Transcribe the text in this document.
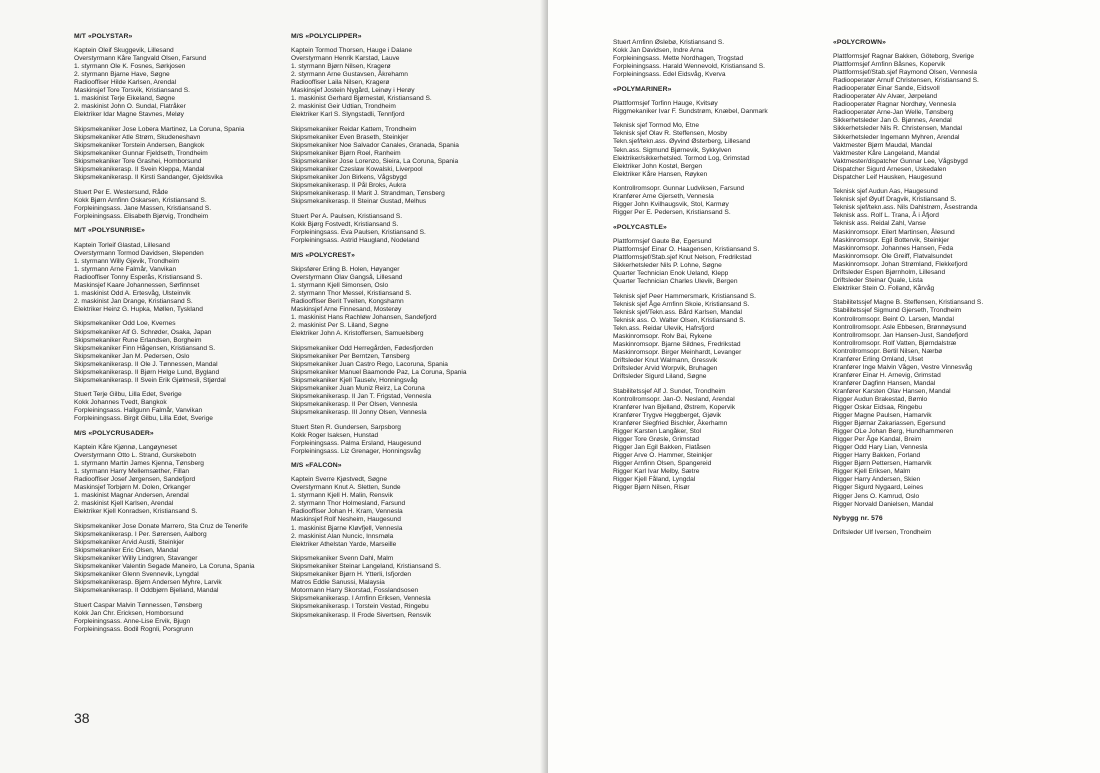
M/T «POLYSTAR»
Kaptein Oleif Skuggevik, Lillesand
Overstyrmann Kåre Tangvald Olsen, Farsund
1. styrmann Ole K. Fosnes, Sørkjosen
2. styrmann Bjarne Have, Søgne
Radiooffiser Hilde Karlsen, Arendal
Maskinsjef Tore Torsvik, Kristiansand S.
1. maskinist Terje Eikeland, Søgne
2. maskinist John O. Sundal, Flatråker
Elektriker Idar Magne Stavnes, Meløy
Skipsmekaniker Jose Lobera Martinez, La Coruna, Spania
Skipsmekaniker Atle Strøm, Skudeneshavn
Skipsmekaniker Torstein Andersen, Bangkok
Skipsmekaniker Gunnar Fjeldseth, Trondheim
Skipsmekaniker Tore Grashei, Homborsund
Skipsmekanikerasp. II Svein Kleppa, Mandal
Skipsmekanikerasp. II Kirsti Sandanger, Gjeldsvika
Stuert Per E. Westersund, Råde
Kokk Bjørn Arnfinn Oskarsen, Kristiansand S.
Forpleiningsass. Jane Massen, Kristiansand S.
Forpleiningsass. Elisabeth Bjørvig, Trondheim
M/T «POLYSUNRISE»
Kaptein Torleif Glastad, Lillesand
Overstyrmann Tormod Davidsen, Slependen
1. styrmann Willy Gjevik, Trondheim
1. styrmann Arne Falmår, Vanvikan
Radiooffiser Tonny Esperås, Kristiansand S.
Maskinsjef Kaare Johannessen, Sørfinnset
1. maskinist Odd A. Ertesvåg, Ulsteinvik
2. maskinist Jan Drange, Kristiansand S.
Elektriker Heinz G. Hupka, Møllen, Tyskland
Skipsmekaniker Odd Loe, Kvernes
Skipsmekaniker Alf G. Schrøder, Osaka, Japan
Skipsmekaniker Rune Erlandsen, Borgheim
Skipsmekaniker Finn Hågensen, Kristiansand S.
Skipsmekaniker Jan M. Pedersen, Oslo
Skipsmekanikerasp. II Ole J. Tønnessen, Mandal
Skipsmekanikerasp. II Bjørn Helge Lund, Bygland
Skipsmekanikerasp. II Svein Erik Gjølmesli, Stjørdal
Stuert Terje Gilbu, Lilla Edet, Sverige
Kokk Johannes Tvedt, Bangkok
Forpleiningsass. Hallgunn Falmår, Vanvikan
Forpleiningsass. Birgit Gilbu, Lilla Edet, Sverige
M/S «POLYCRUSADER»
Kaptein Kåre Kjønnø, Langøyneset
Overstyrmann Otto L. Strand, Gurskebotn
1. styrmann Martin James Kjenna, Tønsberg
1. styrmann Harry Mellemsæther, Fillan
Radiooffiser Josef Jørgensen, Sandefjord
Maskinsjef Torbjørn M. Dolen, Orkanger
1. maskinist Magnar Andersen, Arendal
2. maskinist Kjell Karlsen, Arendal
Elektriker Kjell Konradsen, Kristiansand S.
Skipsmekaniker Jose Donate Marrero, Sta Cruz de Tenerife
Skipsmekanikerasp. I Per. Sørensen, Aalborg
Skipsmekaniker Arvid Austli, Steinkjer
Skipsmekaniker Eric Olsen, Mandal
Skipsmekaniker Willy Lindgren, Stavanger
Skipsmekaniker Valentin Segade Maneiro, La Coruna, Spania
Skipsmekaniker Glenn Svennevik, Lyngdal
Skipsmekanikerasp. Bjørn Andersen Myhre, Larvik
Skipsmekanikerasp. II Oddbjørn Bjelland, Mandal
Stuert Caspar Malvin Tønnessen, Tønsberg
Kokk Jan Chr. Ericksen, Homborsund
Forpleiningsass. Anne-Lise Ervik, Bjugn
Forpleiningsass. Bodil Rognli, Porsgrunn
M/S «POLYCLIPPER»
Kaptein Tormod Thorsen, Hauge i Dalane
Overstyrmann Henrik Karstad, Lauve
1. styrmann Bjørn Nilsen, Kragerø
2. styrmann Arne Gustavsen, Åkrehamn
Radiooffiser Laila Nilsen, Kragerø
Maskinsjef Jostein Nygård, Leinøy i Herøy
1. maskinist Gerhard Bjørnestøl, Kristiansand S.
2. maskinist Geir Udtian, Trondheim
Elektriker Karl S. Slyngstadli, Tennfjord
Skipsmekaniker Reidar Kattem, Trondheim
Skipsmekaniker Even Braseth, Steinkjer
Skipsmekaniker Noe Salvador Canales, Granada, Spania
Skipsmekaniker Bjørn Roel, Ranheim
Skipsmekaniker Jose Lorenzo, Sieira, La Coruna, Spania
Skipsmekaniker Czeslaw Kowalski, Liverpool
Skipsmekaniker Jon Birkens, Vågsbygd
Skipsmekanikerasp. II Pål Broks, Aukra
Skipsmekanikerasp. II Marit J. Strandman, Tønsberg
Skipsmekanikerasp. II Steinar Gustad, Melhus
Stuert Per A. Paulsen, Kristiansand S.
Kokk Bjørg Fostvedt, Kristiansand S.
Forpleiningsass. Eva Paulsen, Kristiansand S.
Forpleiningsass. Astrid Haugland, Nodeland
M/S «POLYCREST»
Skipsfører Erling B. Holen, Høyanger
Overstyrmann Olav Gangså, Lillesand
1. styrmann Kjell Simonsen, Oslo
2. styrmann Thor Messel, Kristiansand S.
Radiooffiser Berit Tveiten, Kongshamn
Maskinsjef Arne Finnesand, Mosterøy
1. maskinist Hans Rachløw Johansen, Sandefjord
2. maskinist Per S. Liland, Søgne
Elektriker John A. Kristoffersen, Samuelsberg
Skipsmekaniker Odd Herregården, Fødesfjorden
Skipsmekaniker Per Berntzen, Tønsberg
Skipsmekaniker Juan Castro Rego, Lacoruna, Spania
Skipsmekaniker Manuel Baamonde Paz, La Coruna, Spania
Skipsmekaniker Kjell Tauselv, Honningsvåg
Skipsmekaniker Juan Muniz Reirz, La Coruna
Skipsmekanikerasp. II Jan T. Frigstad, Vennesla
Skipsmekanikerasp. II Per Olsen, Vennesla
Skipsmekanikerasp. III Jonny Olsen, Vennesla
Stuert Sten R. Gundersen, Sarpsborg
Kokk Roger Isaksen, Hunstad
Forpleiningsass. Palma Ersland, Haugesund
Forpleiningsass. Liz Grenager, Honningsvåg
M/S «FALCON»
Kaptein Sverre Kjøstvedt, Søgne
Overstyrmann Knut A. Sletten, Sunde
1. styrmann Kjell H. Malin, Rensvik
2. styrmann Thor Holmesland, Farsund
Radiooffiser Johan H. Kram, Vennesla
Maskinsjef Rolf Nesheim, Haugesund
1. maskinist Bjarne Kløvfjell, Vennesla
2. maskinist Alan Nuncic, Innsmøla
Elektriker Athelstan Yarde, Marseille
Skipsmekaniker Svenn Dahl, Malm
Skipsmekaniker Steinar Langeland, Kristiansand S.
Skipsmekaniker Bjørn H. Ytterli, Isfjorden
Matros Eddie Sanussi, Malaysia
Motormann Harry Skorstad, Fosslandsosen
Skipsmekanikerasp. I Arnfinn Eriksen, Vennesla
Skipsmekanikerasp. I Torstein Vestad, Ringebu
Skipsmekanikerasp. II Frode Sivertsen, Rensvik
38
Stuert Arnfinn Øslebø, Kristiansand S.
Kokk Jan Davidsen, Indre Arna
Forpleiningsass. Mette Nordhagen, Trogstad
Forpleiningsass. Harald Wennevold, Kristiansand S.
Forpleiningsass. Edel Eidsvåg, Kverva
«POLYMARINER»
Plattformsjef Torfinn Hauge, Kvitsøy
Riggmekaniker Ivar F. Sundstrøm, Knæbel, Danmark
Teknisk sjef Tormod Mo, Etne
Teknisk sjef Olav R. Steffensen, Mosby
Tekn.sjef/tekn.ass. Øyvind Østerberg, Lillesand
Tekn.ass. Sigmund Bjørnevik, Sykkylven
Elektriker/sikkerhetsled. Tormod Log, Grimstad
Elektriker John Kostøl, Bergen
Elektriker Kåre Hansen, Røyken
Kontrollromsopr. Gunnar Ludviksen, Farsund
Kranfører Arne Gjerseth, Vennesla
Rigger John Kvilhaugsvik, Stol, Karmøy
Rigger Per E. Pedersen, Kristiansand S.
«POLYCASTLE»
Plattformsjef Gaute Bø, Egersund
Plattformsjef Einar O. Haagensen, Kristiansand S.
Plattformsjef/Stab.sjef Knut Nelson, Fredrikstad
Sikkerhetsleder Nils P. Lohne, Søgne
Quarter Technician Enok Ueland, Klepp
Quarter Technician Charles Ulevik, Bergen
Teknisk sjef Peer Hammersmark, Kristiansand S.
Teknisk sjef Åge Arnfinn Skoie, Kristiansand S.
Teknisk sjef/Tekn.ass. Bård Karlsen, Mandal
Teknisk ass. O. Walter Olsen, Kristiansand S.
Tekn.ass. Reidar Ulevik, Hafrsfjord
Maskinromsopr. Rolv Bai, Rykene
Maskinromsopr. Bjarne Sildnes, Fredrikstad
Maskinromsopr. Birger Meinhardt, Levanger
Driftsleder Knut Walmann, Gressvik
Driftsleder Arvid Worpvik, Bruhagen
Driftsleder Sigurd Liland, Søgne
Stabilitetssjef Alf J. Sundet, Trondheim
Kontrollromsopr. Jan-O. Nesland, Arendal
Kranfører Ivan Bjelland, Østrem, Kopervik
Kranfører Trygve Heggberget, Gjøvik
Kranfører Siegfried Bischler, Åkerhamn
Rigger Karsten Langåker, Stol
Rigger Tore Grøsle, Grimstad
Rigger Jan Egil Bakken, Flatåsen
Rigger Arve O. Hammer, Steinkjer
Rigger Arnfinn Olsen, Spangereid
Rigger Karl Ivar Melby, Sætre
Rigger Kjell Fåland, Lyngdal
Rigger Bjørn Nilsen, Risør
«POLYCROWN»
Plattformsjef Ragnar Bakken, Göteborg, Sverige
Plattformsjef Arnfinn Båsnes, Kopervik
Plattformsjef/Stab.sjef Raymond Olsen, Vennesla
Radiooperatør Arnulf Christensen, Kristiansand S.
Radiooperatør Einar Sande, Eidsvoll
Radiooperatør Alv Alvær, Jørpeland
Radiooperatør Ragnar Nordhøy, Vennesla
Radiooperatør Arne-Jan Welle, Tønsberg
Sikkerhetsleder Jan G. Bjønnes, Arendal
Sikkerhetsleder Nils R. Christensen, Mandal
Sikkerhetsleder Ingemann Myhren, Arendal
Vaktmester Bjørn Maudal, Mandal
Vaktmester Kåre Langeland, Mandal
Vaktmester/dispatcher Gunnar Lee, Vågsbygd
Dispatcher Sigurd Arnesen, Uskedalen
Dispatcher Leif Hausken, Haugesund
Teknisk sjef Audun Aas, Haugesund
Teknisk sjef Øyulf Dragvik, Kristiansand S.
Teknisk sjef/tekn.ass. Nils Dahlstrøm, Åsestranda
Teknisk ass. Rolf L. Trana, Å i Åfjord
Teknisk ass. Reidal Zahl, Vanse
Maskinromsopr. Eilert Martinsen, Ålesund
Maskinromsopr. Egil Bottervik, Steinkjer
Maskinromsopr. Johannes Hansen, Feda
Maskinromsopr. Ole Greiff, Flatvalsundet
Maskinromsopr. Johan Strømland, Flekkefjord
Driftsleder Espen Bjørnholm, Lillesand
Driftsleder Steinar Quale, Lista
Elektriker Stein O. Folland, Kårvåg
Stabilitetssjef Magne B. Steffensen, Kristiansand S.
Stabilitetssjef Sigmund Gjerseth, Trondheim
Kontrollromsopr. Beint O. Larsen, Mandal
Kontrollromsopr. Asle Ebbesen, Brønnøysund
Kontrollromsopr. Jan Hansen-Just, Sandefjord
Kontrollromsopr. Rolf Vatten, Bjørndalstræ
Kontrollromsopr. Bertil Nilsen, Nærbø
Kranfører Erling Omland, Ulset
Kranfører Inge Malvin Vågen, Vestre Vinnesvåg
Kranfører Einar H. Arnevig, Grimstad
Kranfører Dagfinn Hansen, Mandal
Kranfører Karsten Olav Hansen, Mandal
Rigger Audun Brakestad, Bømlo
Rigger Oskar Eidsaa, Ringebu
Rigger Magne Paulsen, Hamarvik
Rigger Bjørnar Zakariassen, Egersund
Rigger OLe Johan Berg, Hundhammeren
Rigger Per Åge Kandal, Breim
Rigger Odd Hary Lian, Vennesla
Rigger Harry Bakken, Forland
Rigger Bjørn Pettersen, Hamarvik
Rigger Kjell Eriksen, Malm
Rigger Harry Andersen, Skien
Rigger Sigurd Nygaard, Leines
Rigger Jens O. Kamrud, Oslo
Rigger Norvald Danielsen, Mandal
Nybygg nr. 576
Driftsleder Ulf Iversen, Trondheim
